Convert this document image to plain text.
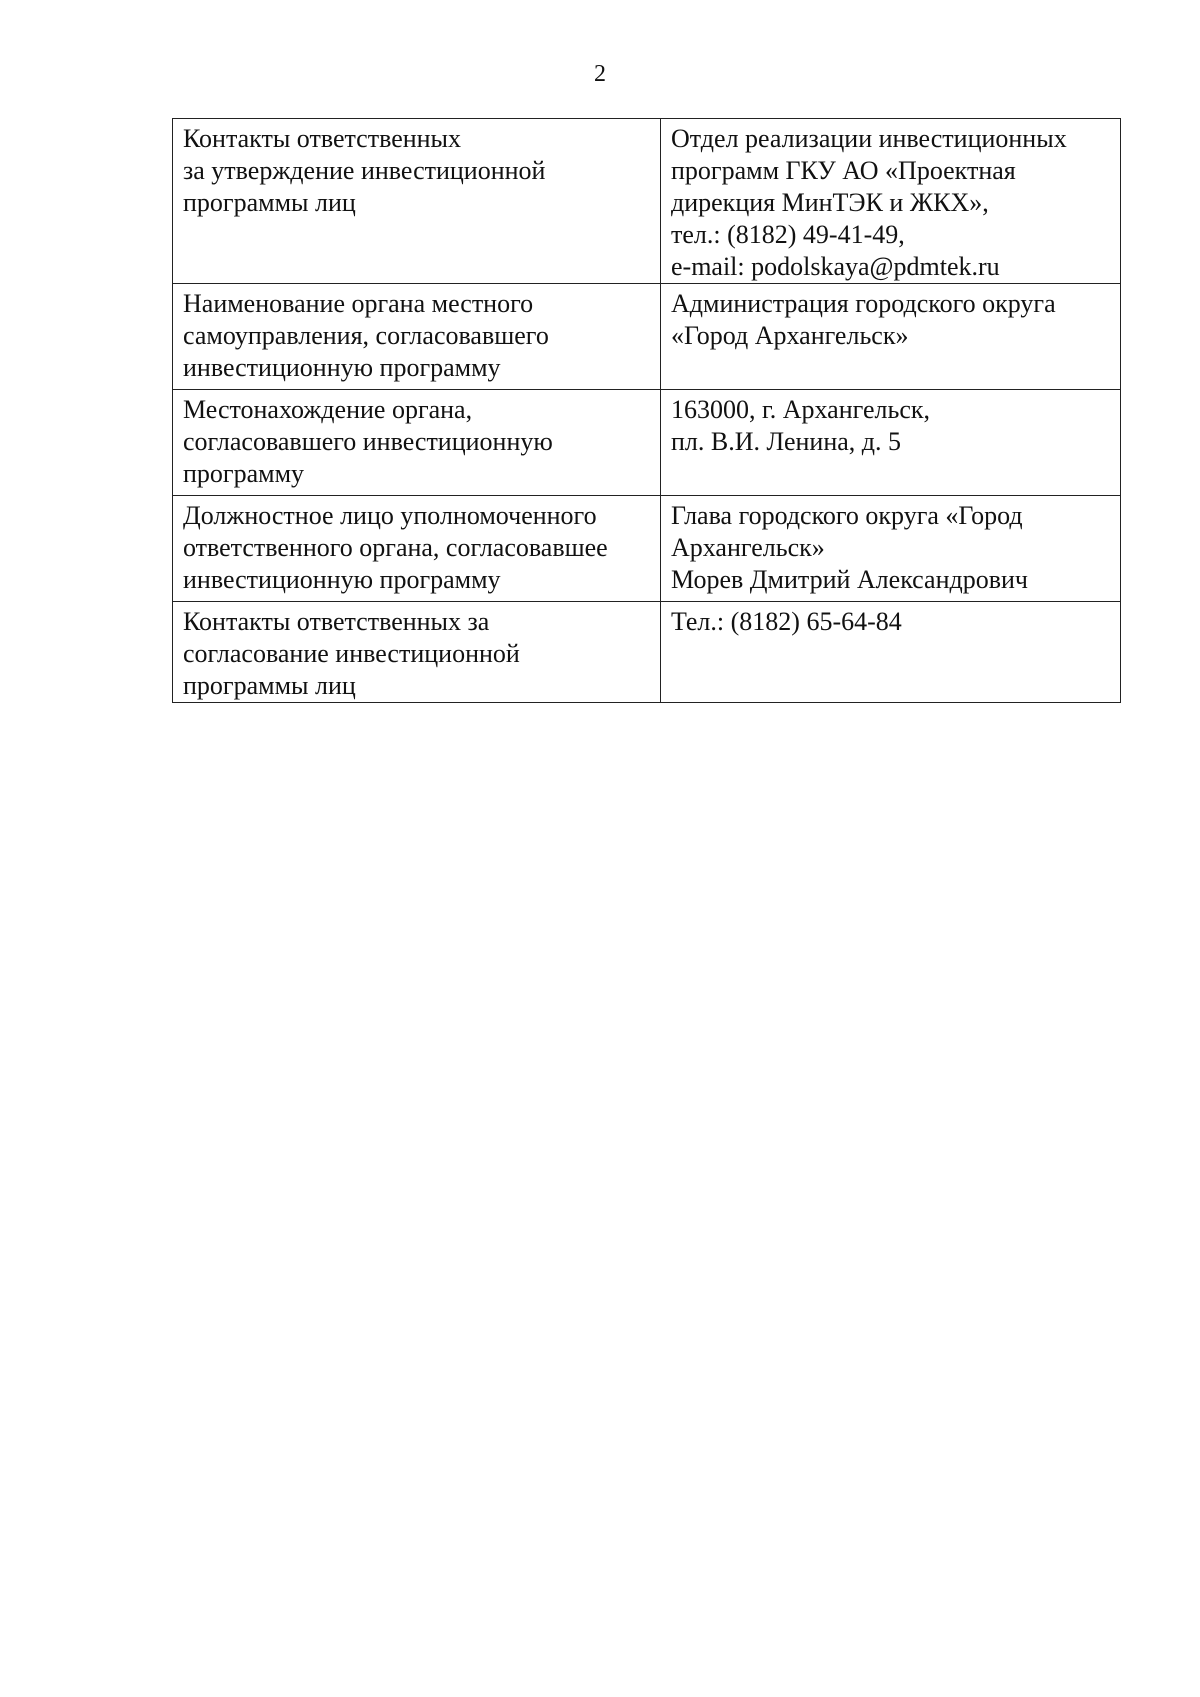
2
Контакты ответственных
за утверждение инвестиционной
программы лиц	Отдел реализации инвестиционных
программ ГКУ АО «Проектная
дирекция МинТЭК и ЖКХ»,
тел.: (8182) 49-41-49,
e-mail: podolskaya@pdmtek.ru

Наименование органа местного
самоуправления, согласовавшего
инвестиционную программу	Администрация городского округа
«Город Архангельск»

Местонахождение органа,
согласовавшего инвестиционную
программу	163000, г. Архангельск,
пл. В.И. Ленина, д. 5

Должностное лицо уполномоченного
ответственного органа, согласовавшее
инвестиционную программу	Глава городского округа «Город
Архангельск»
Морев Дмитрий Александрович

Контакты ответственных за
согласование инвестиционной
программы лиц	Тел.: (8182) 65-64-84
